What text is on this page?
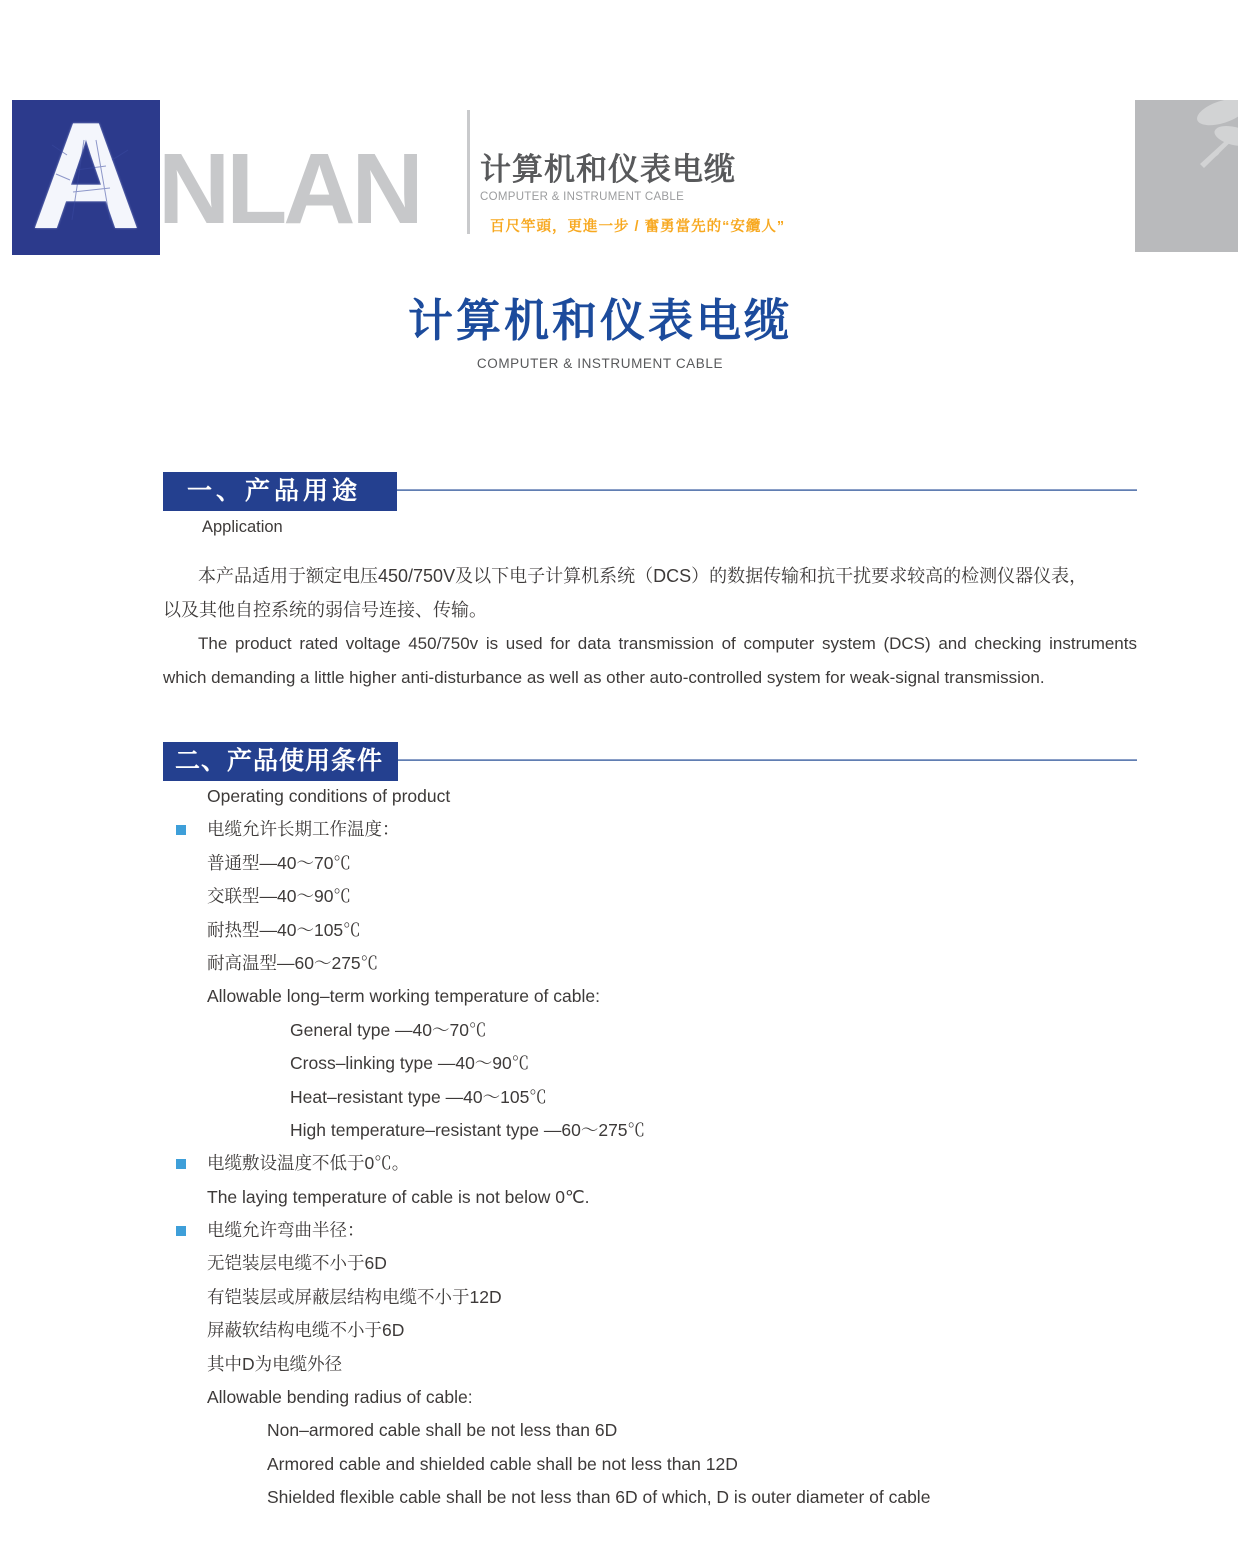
A NLAN 计算机和仪表电缆
COMPUTER & INSTRUMENT CABLE
百尺竿頭，更進一步 / 奮勇當先的“安纜人”
计算机和仪表电缆
COMPUTER & INSTRUMENT CABLE
一、产品用途
Application
本产品适用于额定电压450/750V及以下电子计算机系统（DCS）的数据传输和抗干扰要求较高的检测仪器仪表，
以及其他自控系统的弱信号连接、传输。
The product rated voltage 450/750v is used for data transmission of computer system (DCS) and checking instruments which demanding a little higher anti-disturbance as well as other auto-controlled system for weak-signal transmission.
二、产品使用条件
Operating conditions of product
电缆允许长期工作温度：
普通型—40～70℃
交联型—40～90℃
耐热型—40～105℃
耐高温型—60～275℃
Allowable long–term working temperature of cable:
General type —40～70℃
Cross–linking type —40～90℃
Heat–resistant type —40～105℃
High temperature–resistant type —60～275℃
电缆敷设温度不低于0℃。
The laying temperature of cable is not below 0℃.
电缆允许弯曲半径：
无铠装层电缆不小于6D
有铠装层或屏蔽层结构电缆不小于12D
屏蔽软结构电缆不小于6D
其中D为电缆外径
Allowable bending radius of cable:
Non–armored cable shall be not less than 6D
Armored cable and shielded cable shall be not less than 12D
Shielded flexible cable shall be not less than 6D of which, D is outer diameter of cable
